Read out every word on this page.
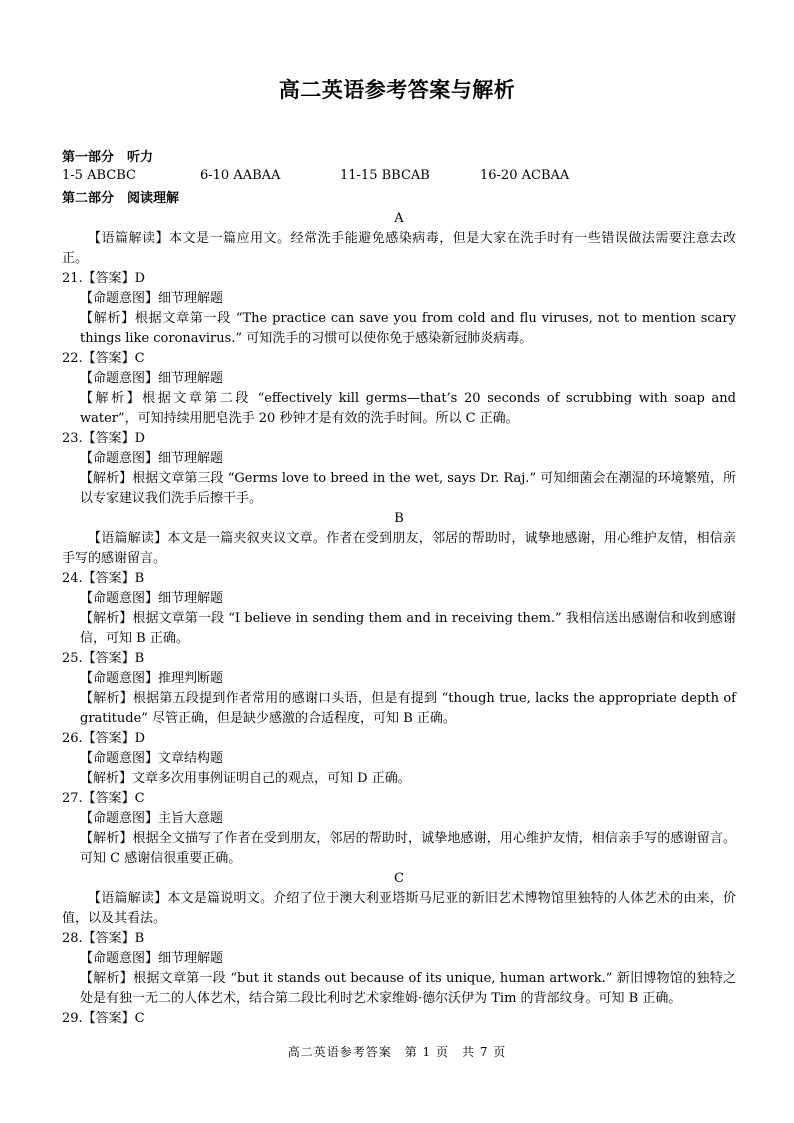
高二英语参考答案与解析
第一部分　听力
1-5 ABCBC	6-10 AABAA	11-15 BBCAB	16-20 ACBAA
第二部分　阅读理解

A

【语篇解读】本文是一篇应用文。经常洗手能避免感染病毒，但是大家在洗手时有一些错误做法需要注意去改正。

21.【答案】D

【命题意图】细节理解题

【解析】根据文章第一段 “The practice can save you from cold and flu viruses, not to mention scary things like coronavirus.” 可知洗手的习惯可以使你免于感染新冠肺炎病毒。

22.【答案】C

【命题意图】细节理解题

【解析】根据文章第二段 “effectively kill germs—that’s 20 seconds of scrubbing with soap and water”，可知持续用肥皂洗手 20 秒钟才是有效的洗手时间。所以 C 正确。

23.【答案】D

【命题意图】细节理解题

【解析】根据文章第三段 “Germs love to breed in the wet, says Dr. Raj.” 可知细菌会在潮湿的环境繁殖，所以专家建议我们洗手后擦干手。

B

【语篇解读】本文是一篇夹叙夹议文章。作者在受到朋友，邻居的帮助时，诚挚地感谢，用心维护友情，相信亲手写的感谢留言。

24.【答案】B

【命题意图】细节理解题

【解析】根据文章第一段 “I believe in sending them and in receiving them.” 我相信送出感谢信和收到感谢信，可知 B 正确。

25.【答案】B

【命题意图】推理判断题

【解析】根据第五段提到作者常用的感谢口头语，但是有提到 “though true, lacks the appropriate depth of gratitude” 尽管正确，但是缺少感激的合适程度，可知 B 正确。

26.【答案】D

【命题意图】文章结构题

【解析】文章多次用事例证明自己的观点，可知 D 正确。

27.【答案】C

【命题意图】主旨大意题

【解析】根据全文描写了作者在受到朋友，邻居的帮助时，诚挚地感谢，用心维护友情，相信亲手写的感谢留言。可知 C 感谢信很重要正确。

C

【语篇解读】本文是篇说明文。介绍了位于澳大利亚塔斯马尼亚的新旧艺术博物馆里独特的人体艺术的由来，价值，以及其看法。

28.【答案】B

【命题意图】细节理解题

【解析】根据文章第一段 “but it stands out because of its unique, human artwork.” 新旧博物馆的独特之处是有独一无二的人体艺术，结合第二段比利时艺术家维姆·德尔沃伊为 Tim 的背部纹身。可知 B 正确。

29.【答案】C

高二英语参考答案　第 1 页　共 7 页
